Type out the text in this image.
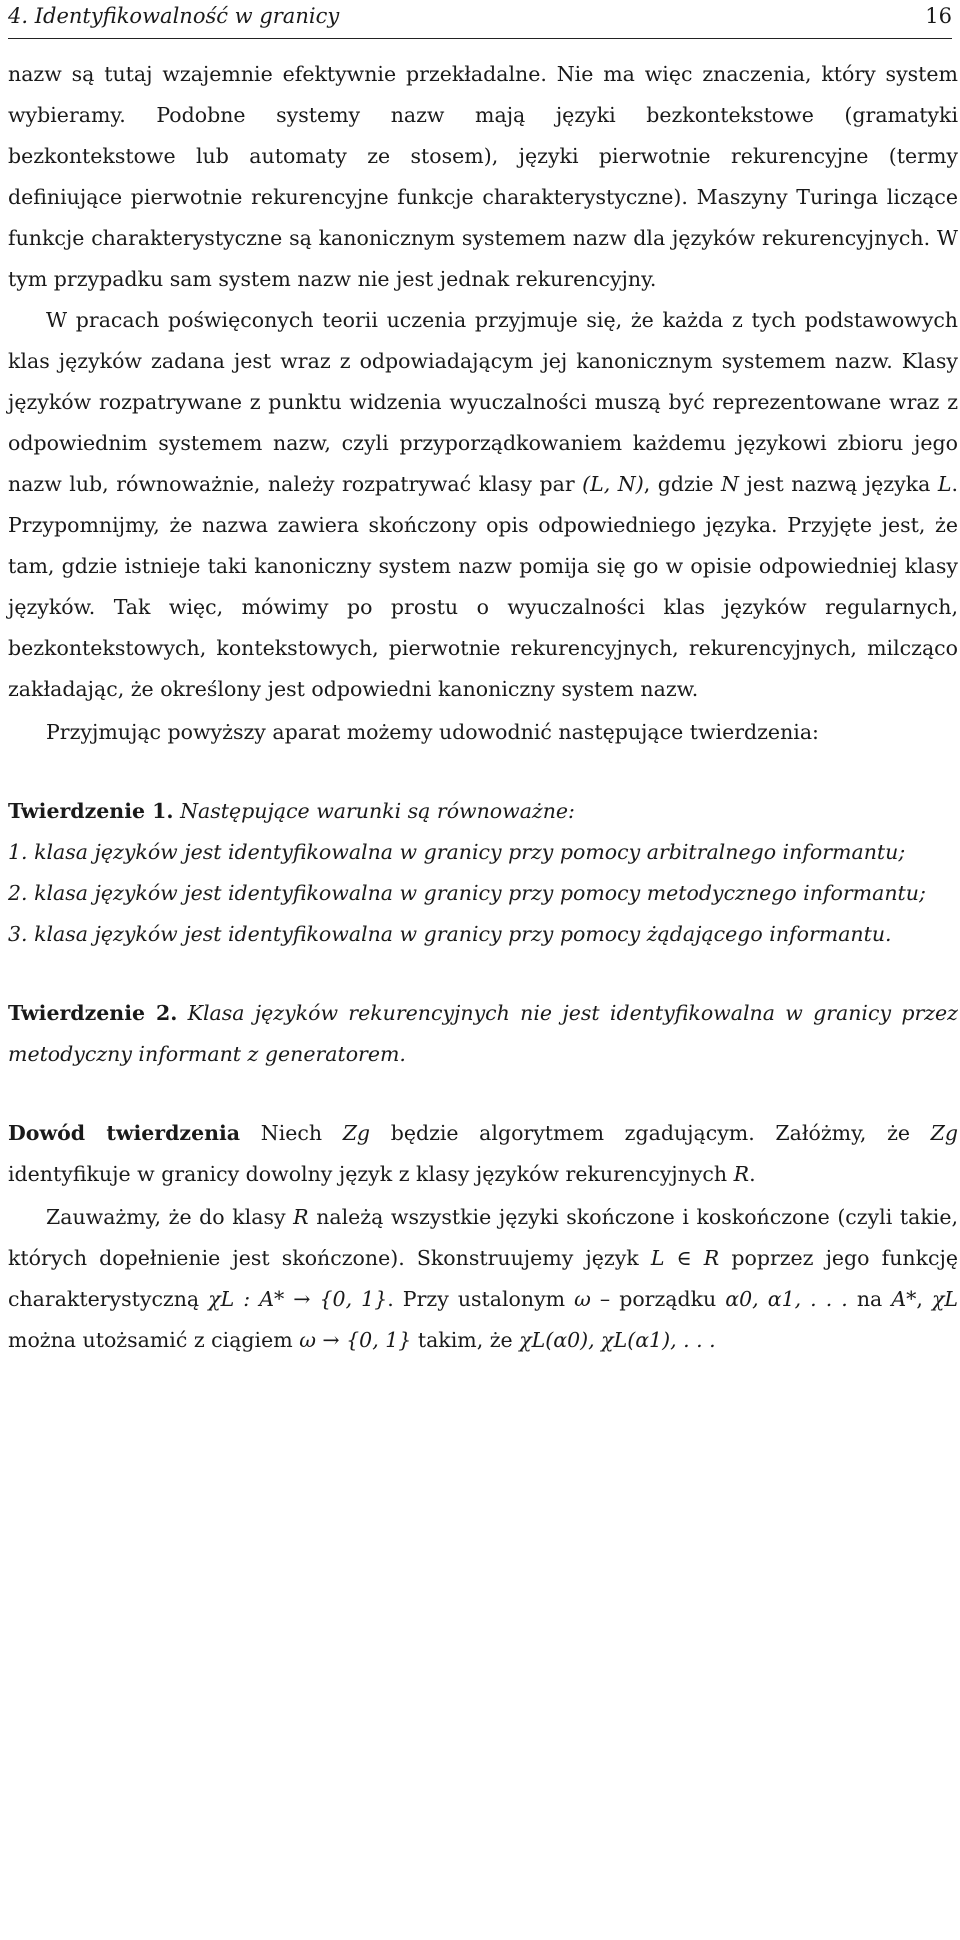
4. Identyfikowalność w granicy	16

nazw są tutaj wzajemnie efektywnie przekładalne. Nie ma więc znaczenia, który system wybieramy. Podobne systemy nazw mają języki bezkontekstowe (gramatyki bezkontekstowe lub automaty ze stosem), języki pierwotnie rekurencyjne (termy definiujące pierwotnie rekurencyjne funkcje charakterystyczne). Maszyny Turinga liczące funkcje charakterystyczne są kanonicznym systemem nazw dla języków rekurencyjnych. W tym przypadku sam system nazw nie jest jednak rekurencyjny.

W pracach poświęconych teorii uczenia przyjmuje się, że każda z tych podstawowych klas języków zadana jest wraz z odpowiadającym jej kanonicznym systemem nazw. Klasy języków rozpatrywane z punktu widzenia wyuczalności muszą być reprezentowane wraz z odpowiednim systemem nazw, czyli przyporządkowaniem każdemu językowi zbioru jego nazw lub, równoważnie, należy rozpatrywać klasy par (L, N), gdzie N jest nazwą języka L. Przypomnijmy, że nazwa zawiera skończony opis odpowiedniego języka. Przyjęte jest, że tam, gdzie istnieje taki kanoniczny system nazw pomija się go w opisie odpowiedniej klasy języków. Tak więc, mówimy po prostu o wyuczalności klas języków regularnych, bezkontekstowych, kontekstowych, pierwotnie rekurencyjnych, rekurencyjnych, milcząco zakładając, że określony jest odpowiedni kanoniczny system nazw.

Przyjmując powyższy aparat możemy udowodnić następujące twierdzenia:

Twierdzenie 1. Następujące warunki są równoważne:

1. klasa języków jest identyfikowalna w granicy przy pomocy arbitralnego informantu;
2. klasa języków jest identyfikowalna w granicy przy pomocy metodycznego informantu;
3. klasa języków jest identyfikowalna w granicy przy pomocy żądającego informantu.

Twierdzenie 2. Klasa języków rekurencyjnych nie jest identyfikowalna w granicy przez metodyczny informant z generatorem.

Dowód twierdzenia Niech Zg będzie algorytmem zgadującym. Załóżmy, że Zg identyfikuje w granicy dowolny język z klasy języków rekurencyjnych R.

Zauważmy, że do klasy R należą wszystkie języki skończone i koskończone (czyli takie, których dopełnienie jest skończone). Skonstruujemy język L ∈ R poprzez jego funkcję charakterystyczną χL : A* → {0, 1}. Przy ustalonym ω – porządku α0, α1, . . . na A*, χL można utożsamić z ciągiem ω → {0, 1} takim, że χL(α0), χL(α1), . . .
